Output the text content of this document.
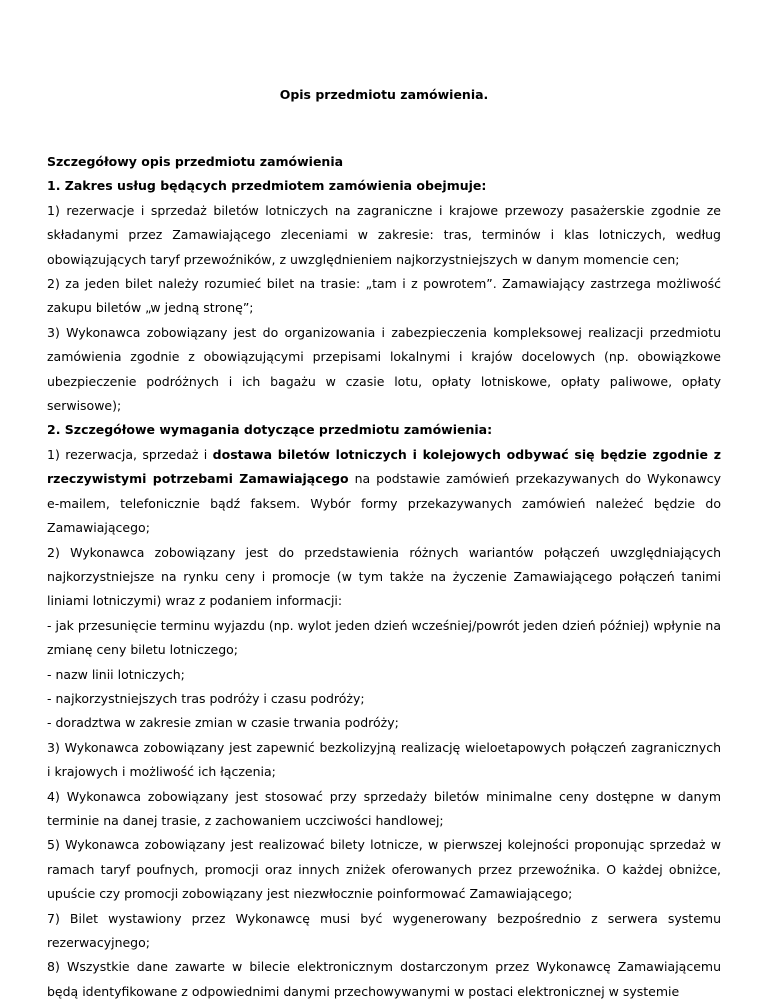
Opis przedmiotu zamówienia.

Szczegółowy opis przedmiotu zamówienia

1. Zakres usług będących przedmiotem zamówienia obejmuje:

1) rezerwacje i sprzedaż biletów lotniczych na zagraniczne i krajowe przewozy pasażerskie zgodnie ze składanymi przez Zamawiającego zleceniami w zakresie: tras, terminów i klas lotniczych, według obowiązujących taryf przewoźników, z uwzględnieniem najkorzystniejszych w danym momencie cen;

2) za jeden bilet należy rozumieć bilet na trasie: „tam i z powrotem”. Zamawiający zastrzega możliwość zakupu biletów „w jedną stronę”;

3) Wykonawca zobowiązany jest do organizowania i zabezpieczenia kompleksowej realizacji przedmiotu zamówienia zgodnie z obowiązującymi przepisami lokalnymi i krajów docelowych (np. obowiązkowe ubezpieczenie podróżnych i ich bagażu w czasie lotu, opłaty lotniskowe, opłaty paliwowe, opłaty serwisowe);

2. Szczegółowe wymagania dotyczące przedmiotu zamówienia:

1) rezerwacja, sprzedaż i dostawa biletów lotniczych i kolejowych odbywać się będzie zgodnie z rzeczywistymi potrzebami Zamawiającego na podstawie zamówień przekazywanych do Wykonawcy e-mailem, telefonicznie bądź faksem. Wybór formy przekazywanych zamówień należeć będzie do Zamawiającego;

2) Wykonawca zobowiązany jest do przedstawienia różnych wariantów połączeń uwzględniających najkorzystniejsze na rynku ceny i promocje (w tym także na życzenie Zamawiającego połączeń tanimi liniami lotniczymi) wraz z podaniem informacji:

- jak przesunięcie terminu wyjazdu (np. wylot jeden dzień wcześniej/powrót jeden dzień później) wpłynie na zmianę ceny biletu lotniczego;

- nazw linii lotniczych;

- najkorzystniejszych tras podróży i czasu podróży;

- doradztwa w zakresie zmian w czasie trwania podróży;

3) Wykonawca zobowiązany jest zapewnić bezkolizyjną realizację wieloetapowych połączeń zagranicznych i krajowych i możliwość ich łączenia;

4) Wykonawca zobowiązany jest stosować przy sprzedaży biletów minimalne ceny dostępne w danym terminie na danej trasie, z zachowaniem uczciwości handlowej;

5) Wykonawca zobowiązany jest realizować bilety lotnicze, w pierwszej kolejności proponując sprzedaż w ramach taryf poufnych, promocji oraz innych zniżek oferowanych przez przewoźnika. O każdej obniżce, upuście czy promocji zobowiązany jest niezwłocznie poinformować Zamawiającego;

7) Bilet wystawiony przez Wykonawcę musi być wygenerowany bezpośrednio z serwera systemu rezerwacyjnego;

8) Wszystkie dane zawarte w bilecie elektronicznym dostarczonym przez Wykonawcę Zamawiającemu będą identyfikowane z odpowiednimi danymi przechowywanymi w postaci elektronicznej w systemie
